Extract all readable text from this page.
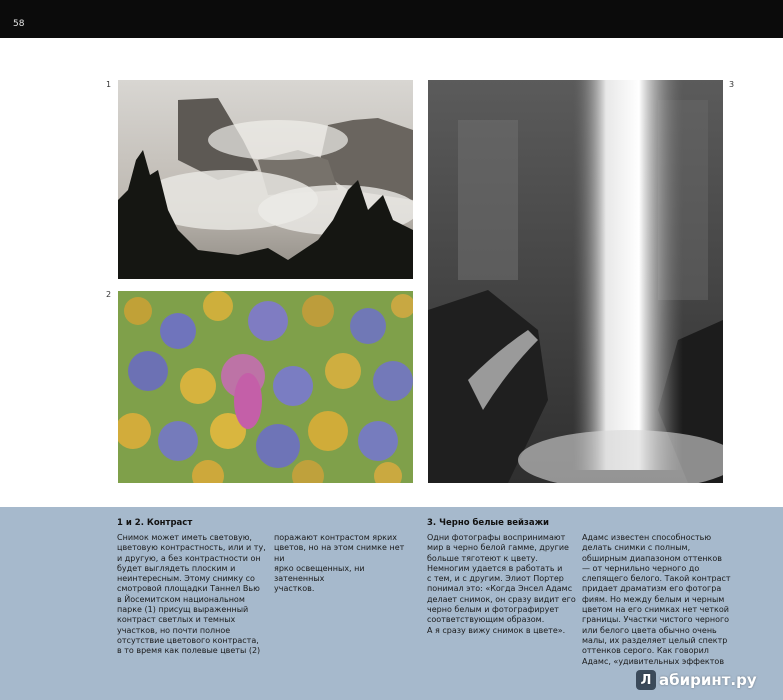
58
1
2
3
1 и 2. Контраст
Снимок может иметь световую,
цветовую контрастность, или и ту,
и другую, а без контрастности он
будет выглядеть плоским и
неинтересным. Этому снимку со
смотровой площадки Таннел Вью
в Йосемитском национальном
парке (1) присущ выраженный
контраст светлых и темных
участков, но почти полное
отсутствие цветового контраста,
в то время как полевые цветы (2)
поражают контрастом ярких
цветов, но на этом снимке нет ни
ярко освещенных, ни затененных
участков.
3. Черно белые вейзажи
Одни фотографы воспринимают
мир в черно белой гамме, другие
больше тяготеют к цвету.
Немногим удается в работать и
с тем, и с другим. Элиот Портер
понимал это: «Когда Энсел Адамс
делает снимок, он сразу видит его
черно белым и фотографирует
соответствующим образом.
А я сразу вижу снимок в цвете».
Адамс известен способностью
делать снимки с полным,
обширным диапазоном оттенков
— от чернильно черного до
слепящего белого. Такой контраст
придает драматизм его фотогра
фиям. Но между белым и черным
цветом на его снимках нет четкой
границы. Участки чистого черного
или белого цвета обычно очень
малы, их разделяет целый спектр
оттенков серого. Как говорил
Адамс, «удивительных эффектов
Л абиринт.ру
